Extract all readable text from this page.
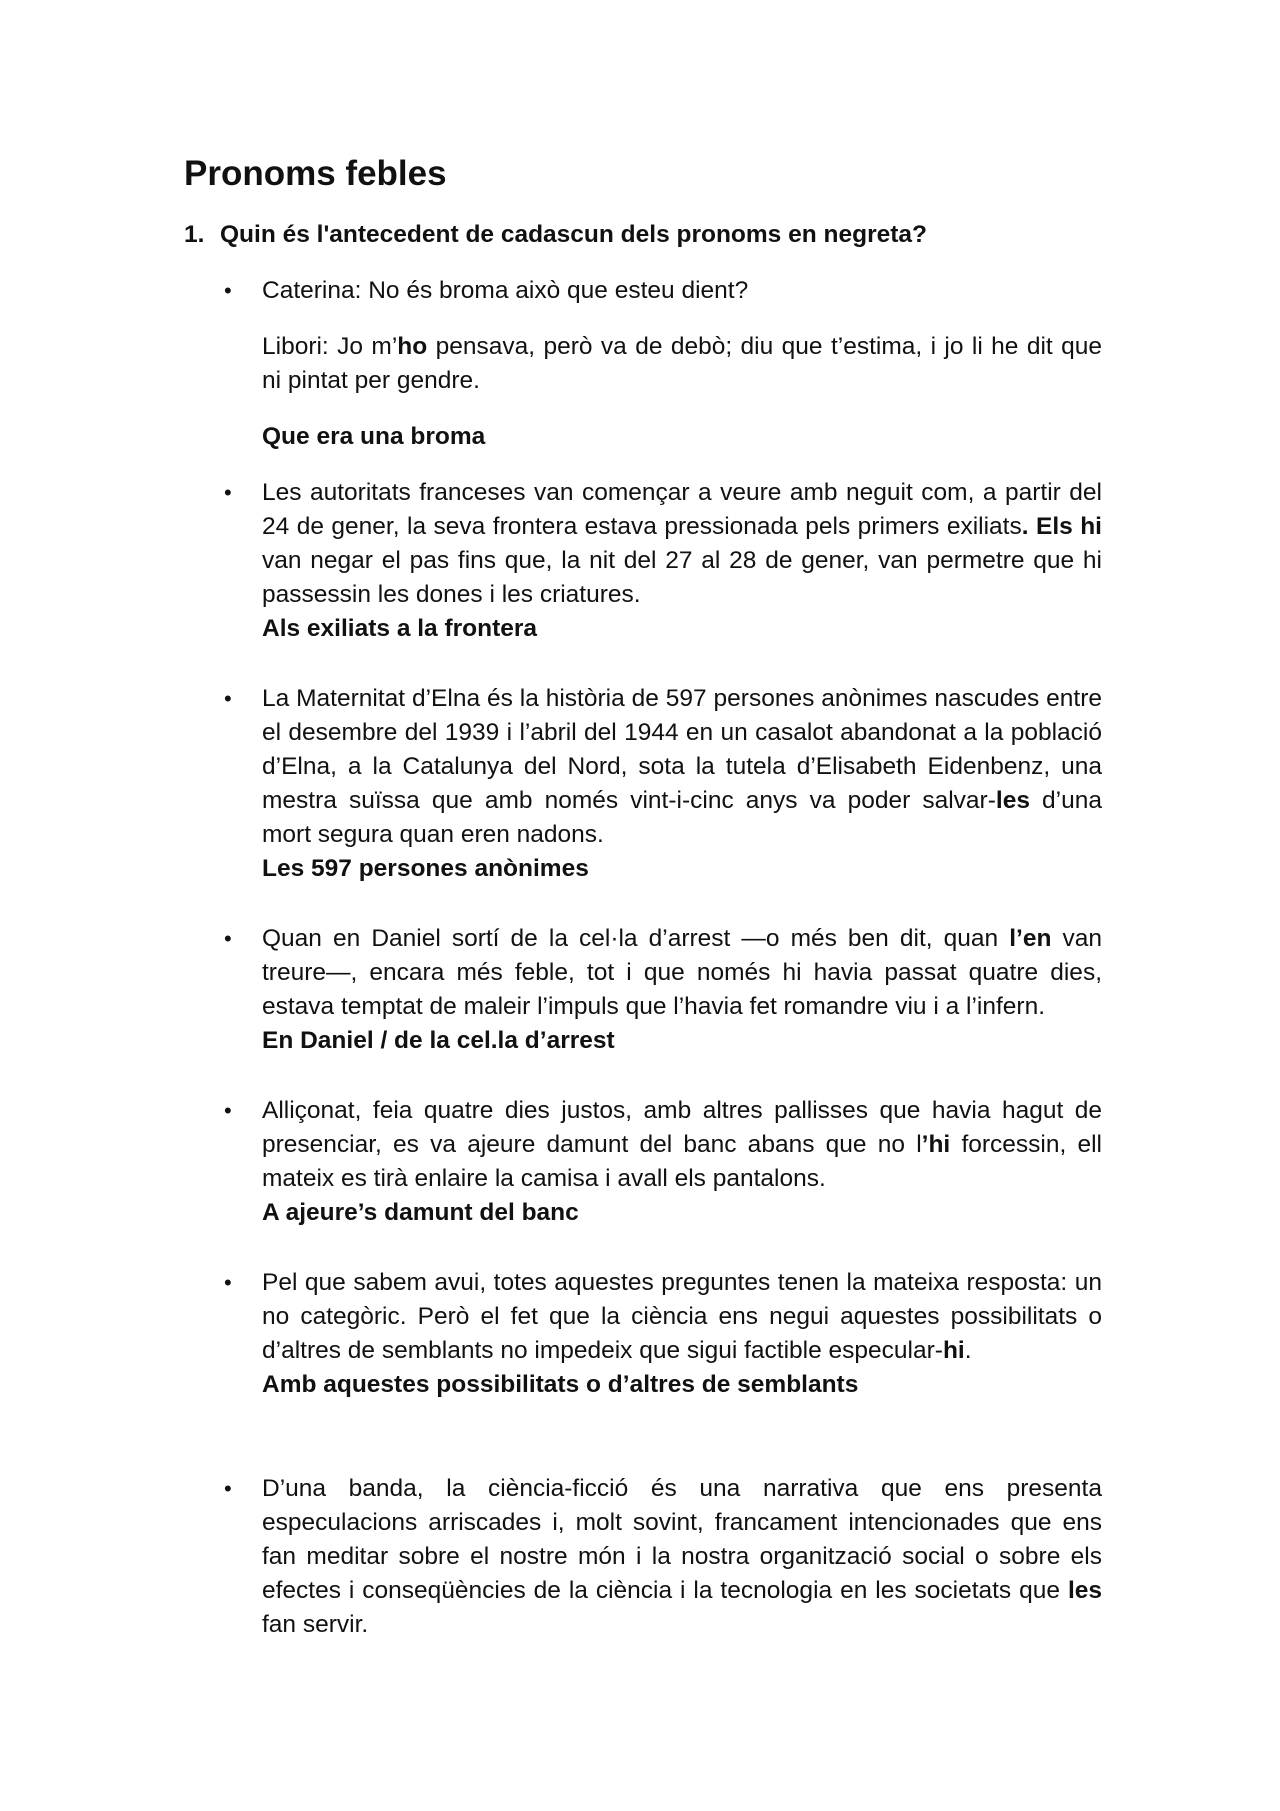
Pronoms febles

1. Quin és l'antecedent de cadascun dels pronoms en negreta?

• Caterina: No és broma això que esteu dient?

Libori: Jo m’ho pensava, però va de debò; diu que t’estima, i jo li he dit que ni pintat per gendre.

Que era una broma
• Les autoritats franceses van començar a veure amb neguit com, a partir del 24 de gener, la seva frontera estava pressionada pels primers exiliats. Els hi van negar el pas fins que, la nit del 27 al 28 de gener, van permetre que hi passessin les dones i les criatures.

Als exiliats a la frontera
• La Maternitat d’Elna és la història de 597 persones anònimes nascudes entre el desembre del 1939 i l’abril del 1944 en un casalot abandonat a la població d’Elna, a la Catalunya del Nord, sota la tutela d’Elisabeth Eidenbenz, una mestra suïssa que amb només vint-i-cinc anys va poder salvar-les d’una mort segura quan eren nadons.

Les 597 persones anònimes
• Quan en Daniel sortí de la cel·la d’arrest —o més ben dit, quan l’en van treure—, encara més feble, tot i que només hi havia passat quatre dies, estava temptat de maleir l’impuls que l’havia fet romandre viu i a l’infern.

En Daniel / de la cel.la d’arrest
• Alliçonat, feia quatre dies justos, amb altres pallisses que havia hagut de presenciar, es va ajeure damunt del banc abans que no l’hi forcessin, ell mateix es tirà enlaire la camisa i avall els pantalons.

A ajeure’s damunt del banc
• Pel que sabem avui, totes aquestes preguntes tenen la mateixa resposta: un no categòric. Però el fet que la ciència ens negui aquestes possibilitats o d’altres de semblants no impedeix que sigui factible especular-hi.

Amb aquestes possibilitats o d’altres de semblants
• D’una banda, la ciència-ficció és una narrativa que ens presenta especulacions arriscades i, molt sovint, francament intencionades que ens fan meditar sobre el nostre món i la nostra organització social o sobre els efectes i conseqüències de la ciència i la tecnologia en les societats que les fan servir.
